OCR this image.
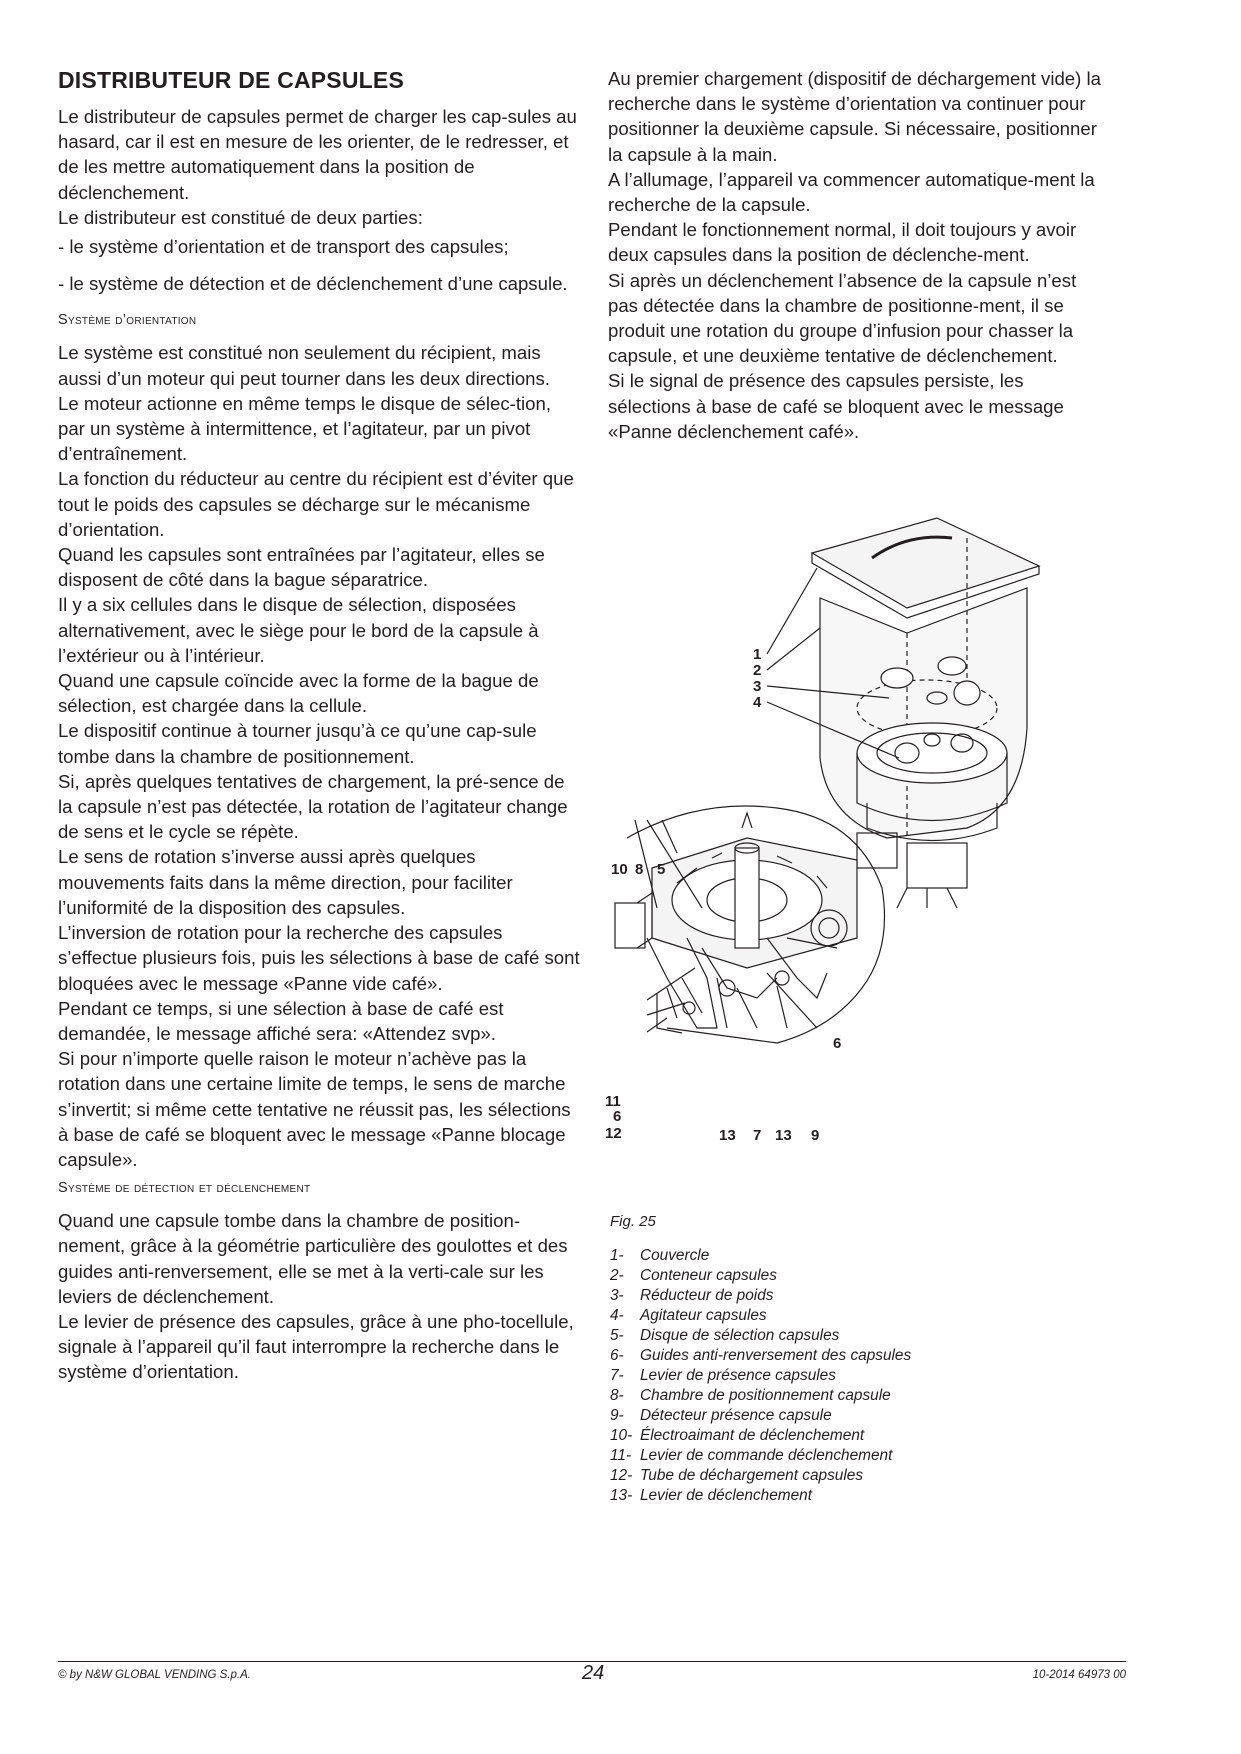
DISTRIBUTEUR DE CAPSULES

Le distributeur de capsules permet de charger les cap-sules au hasard, car il est en mesure de les orienter, de le redresser, et de les mettre automatiquement dans la position de déclenchement.

Le distributeur est constitué de deux parties:

- le système d’orientation et de transport des capsules;

- le système de détection et de déclenchement d’une capsule.

Système d’orientation

Le système est constitué non seulement du récipient, mais aussi d’un moteur qui peut tourner dans les deux directions.

Le moteur actionne en même temps le disque de sélec-tion, par un système à intermittence, et l’agitateur, par un pivot d’entraînement.

La fonction du réducteur au centre du récipient est d’éviter que tout le poids des capsules se décharge sur le mécanisme d’orientation.

Quand les capsules sont entraînées par l’agitateur, elles se disposent de côté dans la bague séparatrice.

Il y a six cellules dans le disque de sélection, disposées alternativement, avec le siège pour le bord de la capsule à l’extérieur ou à l’intérieur.

Quand une capsule coïncide avec la forme de la bague de sélection, est chargée dans la cellule.

Le dispositif continue à tourner jusqu’à ce qu’une cap-sule tombe dans la chambre de positionnement.

Si, après quelques tentatives de chargement, la pré-sence de la capsule n’est pas détectée, la rotation de l’agitateur change de sens et le cycle se répète.

Le sens de rotation s’inverse aussi après quelques mouvements faits dans la même direction, pour faciliter l’uniformité de la disposition des capsules.

L’inversion de rotation pour la recherche des capsules s’effectue plusieurs fois, puis les sélections à base de café sont bloquées avec le message «Panne vide café».

Pendant ce temps, si une sélection à base de café est demandée, le message affiché sera: «Attendez svp».

Si pour n’importe quelle raison le moteur n’achève pas la rotation dans une certaine limite de temps, le sens de marche s’invertit; si même cette tentative ne réussit pas, les sélections à base de café se bloquent avec le message «Panne blocage capsule».

Système de détection et déclenchement

Quand une capsule tombe dans la chambre de position-nement, grâce à la géométrie particulière des goulottes et des guides anti-renversement, elle se met à la verti-cale sur les leviers de déclenchement.

Le levier de présence des capsules, grâce à une pho-tocellule, signale à l’appareil qu’il faut interrompre la recherche dans le système d’orientation.

Au premier chargement (dispositif de déchargement vide) la recherche dans le système d’orientation va continuer pour positionner la deuxième capsule. Si nécessaire, positionner la capsule à la main.

A l’allumage, l’appareil va commencer automatique-ment la recherche de la capsule.

Pendant le fonctionnement normal, il doit toujours y avoir deux capsules dans la position de déclenche-ment.

Si après un déclenchement l’absence de la capsule n’est pas détectée dans la chambre de positionne-ment, il se produit une rotation du groupe d’infusion pour chasser la capsule, et une deuxième tentative de déclenchement.

Si le signal de présence des capsules persiste, les sélections à base de café se bloquent avec le message «Panne déclenchement café».

1
2
3
4
10 8 5
6
11
6
12	13 7 13 9

Fig. 25

1-	Couvercle
2-	Conteneur capsules
3-	Réducteur de poids
4-	Agitateur capsules
5-	Disque de sélection capsules
6-	Guides anti-renversement des capsules
7-	Levier de présence capsules
8-	Chambre de positionnement capsule
9-	Détecteur présence capsule
10- Électroaimant de déclenchement
11- Levier de commande déclenchement
12- Tube de déchargement capsules
13- Levier de déclenchement
© by N&W GLOBAL VENDING S.p.A.	24	10-2014 64973 00
